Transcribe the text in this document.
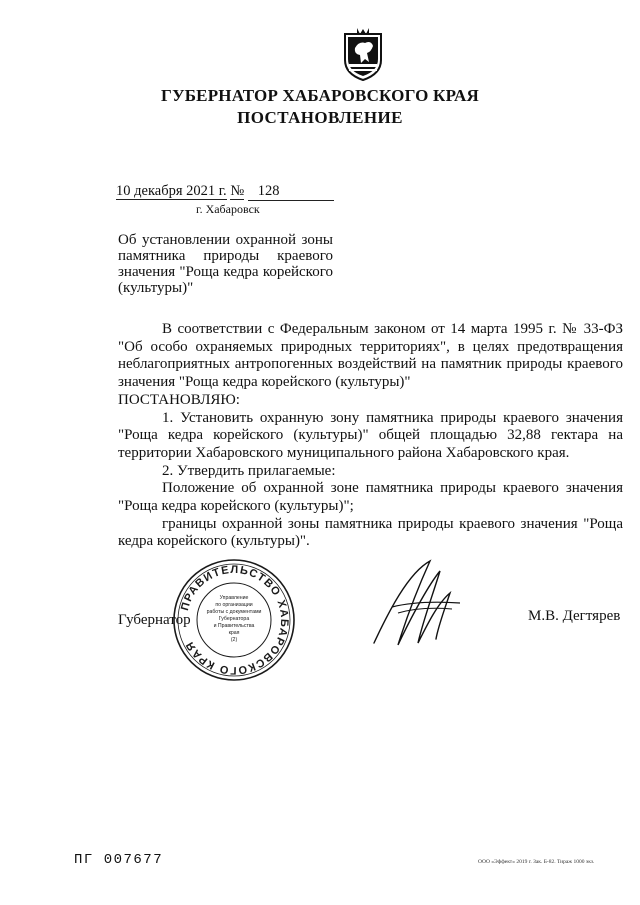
ГУБЕРНАТОР ХАБАРОВСКОГО КРАЯ
ПОСТАНОВЛЕНИЕ
10 декабря 2021 г. № 128
г. Хабаровск
Об установлении охранной зоны памятника природы краевого значения "Роща кедра корейского (культуры)"

В соответствии с Федеральным законом от 14 марта 1995 г. № 33-ФЗ "Об особо охраняемых природных территориях", в целях предотвращения неблагоприятных антропогенных воздействий на памятник природы краевого значения "Роща кедра корейского (культуры)"

ПОСТАНОВЛЯЮ:

1. Установить охранную зону памятника природы краевого значения "Роща кедра корейского (культуры)" общей площадью 32,88 гектара на территории Хабаровского муниципального района Хабаровского края.

2. Утвердить прилагаемые:

Положение об охранной зоне памятника природы краевого значения "Роща кедра корейского (культуры)";

границы охранной зоны памятника природы краевого значения "Роща кедра корейского (культуры)".

Губернатор	М.В. Дегтярев
ПРАВИТЕЛЬСТВО ХАБАРОВСКОГО КРАЯ
Управление
по организации
работы с документами
Губернатора
и Правительства
края
(2)
ПГ 007677	ООО «Эффект» 2019 г. Зак. Б-82. Тираж 1000 экз.
